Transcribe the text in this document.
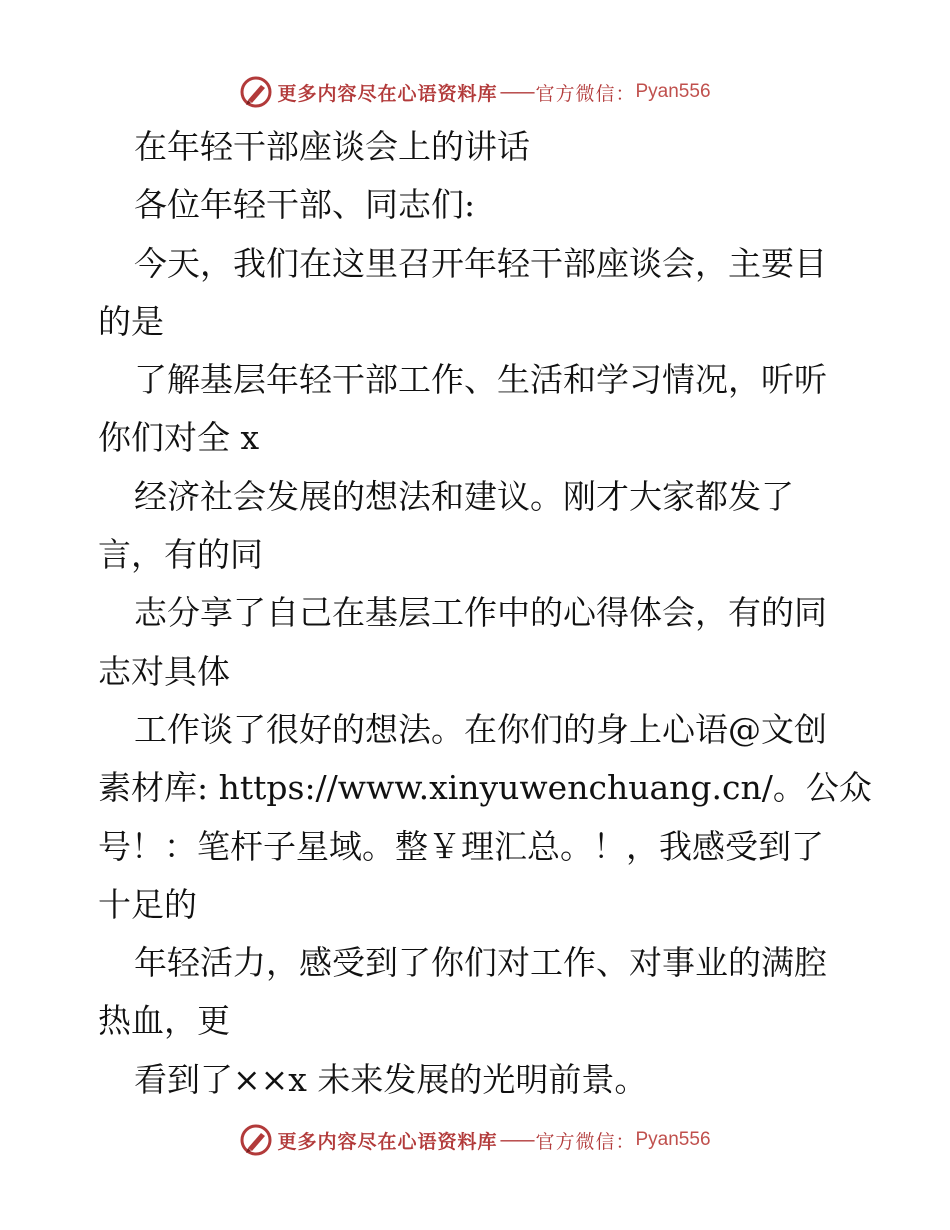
更多内容尽在心语资料库 —— 官方微信： Pyan556
在年轻干部座谈会上的讲话
各位年轻干部、同志们:
今天，我们在这里召开年轻干部座谈会，主要目
的是
了解基层年轻干部工作、生活和学习情况，听听
你们对全 x
经济社会发展的想法和建议。刚才大家都发了
言，有的同
志分享了自己在基层工作中的心得体会，有的同
志对具体
工作谈了很好的想法。在你们的身上心语@文创
素材库: https://www.xinyuwenchuang.cn/。公众
号！：笔杆子星域。整￥理汇总。！，我感受到了
十足的
年轻活力，感受到了你们对工作、对事业的满腔
热血，更
看到了××x 未来发展的光明前景。
更多内容尽在心语资料库 —— 官方微信： Pyan556
